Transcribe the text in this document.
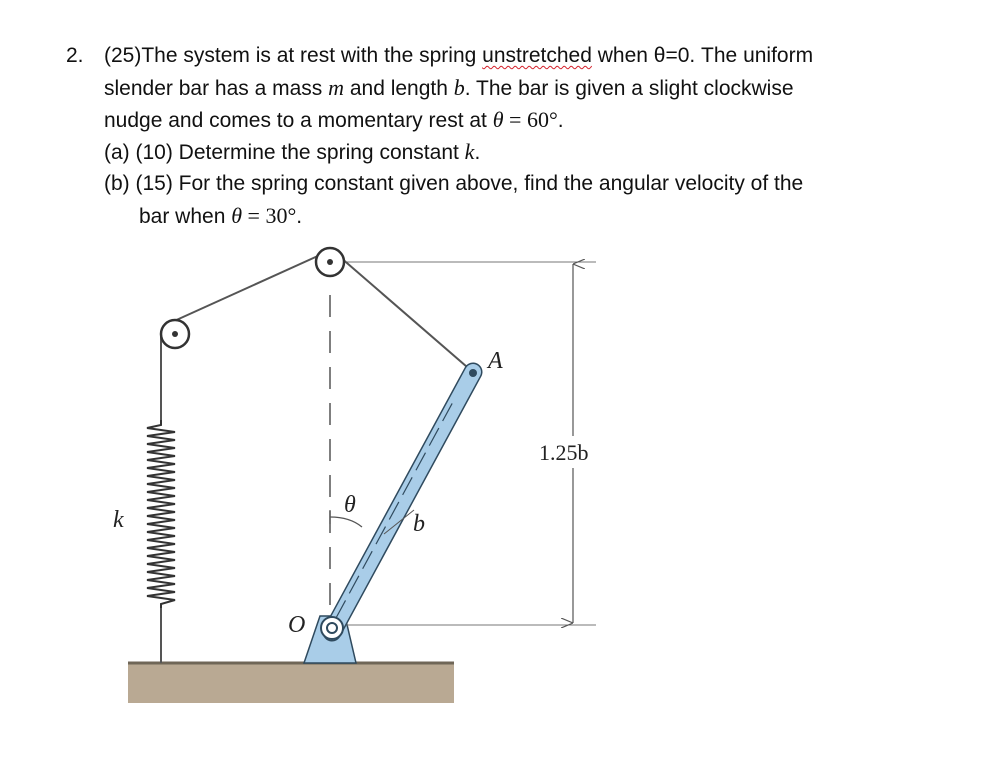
2. (25)The system is at rest with the spring unstretched when θ=0. The uniform
slender bar has a mass m and length b. The bar is given a slight clockwise
nudge and comes to a momentary rest at θ = 60°.
(a) (10) Determine the spring constant k.
(b) (15) For the spring constant given above, find the angular velocity of the
bar when θ = 30°.
1.25b
A
b
θ
k
O
